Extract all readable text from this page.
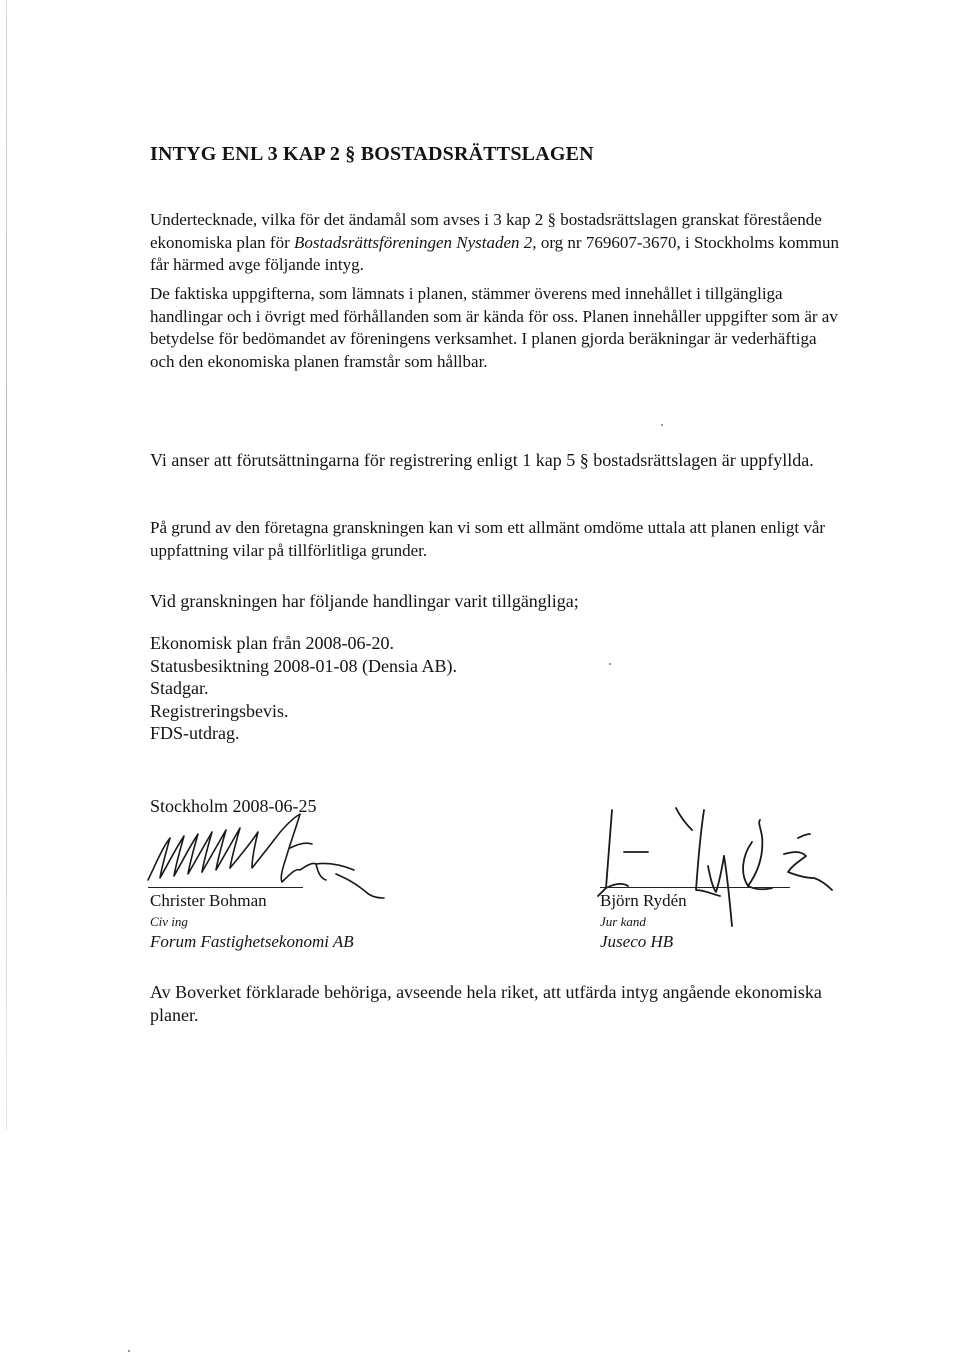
INTYG ENL 3 KAP 2 § BOSTADSRÄTTSLAGEN

Undertecknade, vilka för det ändamål som avses i 3 kap 2 § bostadsrättslagen granskat förestående ekonomiska plan för Bostadsrättsföreningen Nystaden 2, org nr 769607-3670, i Stockholms kommun får härmed avge följande intyg.

De faktiska uppgifterna, som lämnats i planen, stämmer överens med innehållet i tillgängliga handlingar och i övrigt med förhållanden som är kända för oss. Planen innehåller uppgifter som är av betydelse för bedömandet av föreningens verksamhet. I planen gjorda beräkningar är vederhäftiga och den ekonomiska planen framstår som hållbar.

Vi anser att förutsättningarna för registrering enligt 1 kap 5 § bostadsrättslagen är uppfyllda.

På grund av den företagna granskningen kan vi som ett allmänt omdöme uttala att planen enligt vår uppfattning vilar på tillförlitliga grunder.

Vid granskningen har följande handlingar varit tillgängliga;

Ekonomisk plan från 2008-06-20.
Statusbesiktning 2008-01-08 (Densia AB).
Stadgar.
Registreringsbevis.
FDS-utdrag.
Stockholm 2008-06-25
Christer Bohman
Civ ing
Forum Fastighetsekonomi AB
Björn Rydén
Jur kand
Juseco HB

Av Boverket förklarade behöriga, avseende hela riket, att utfärda intyg angående ekonomiska planer.
